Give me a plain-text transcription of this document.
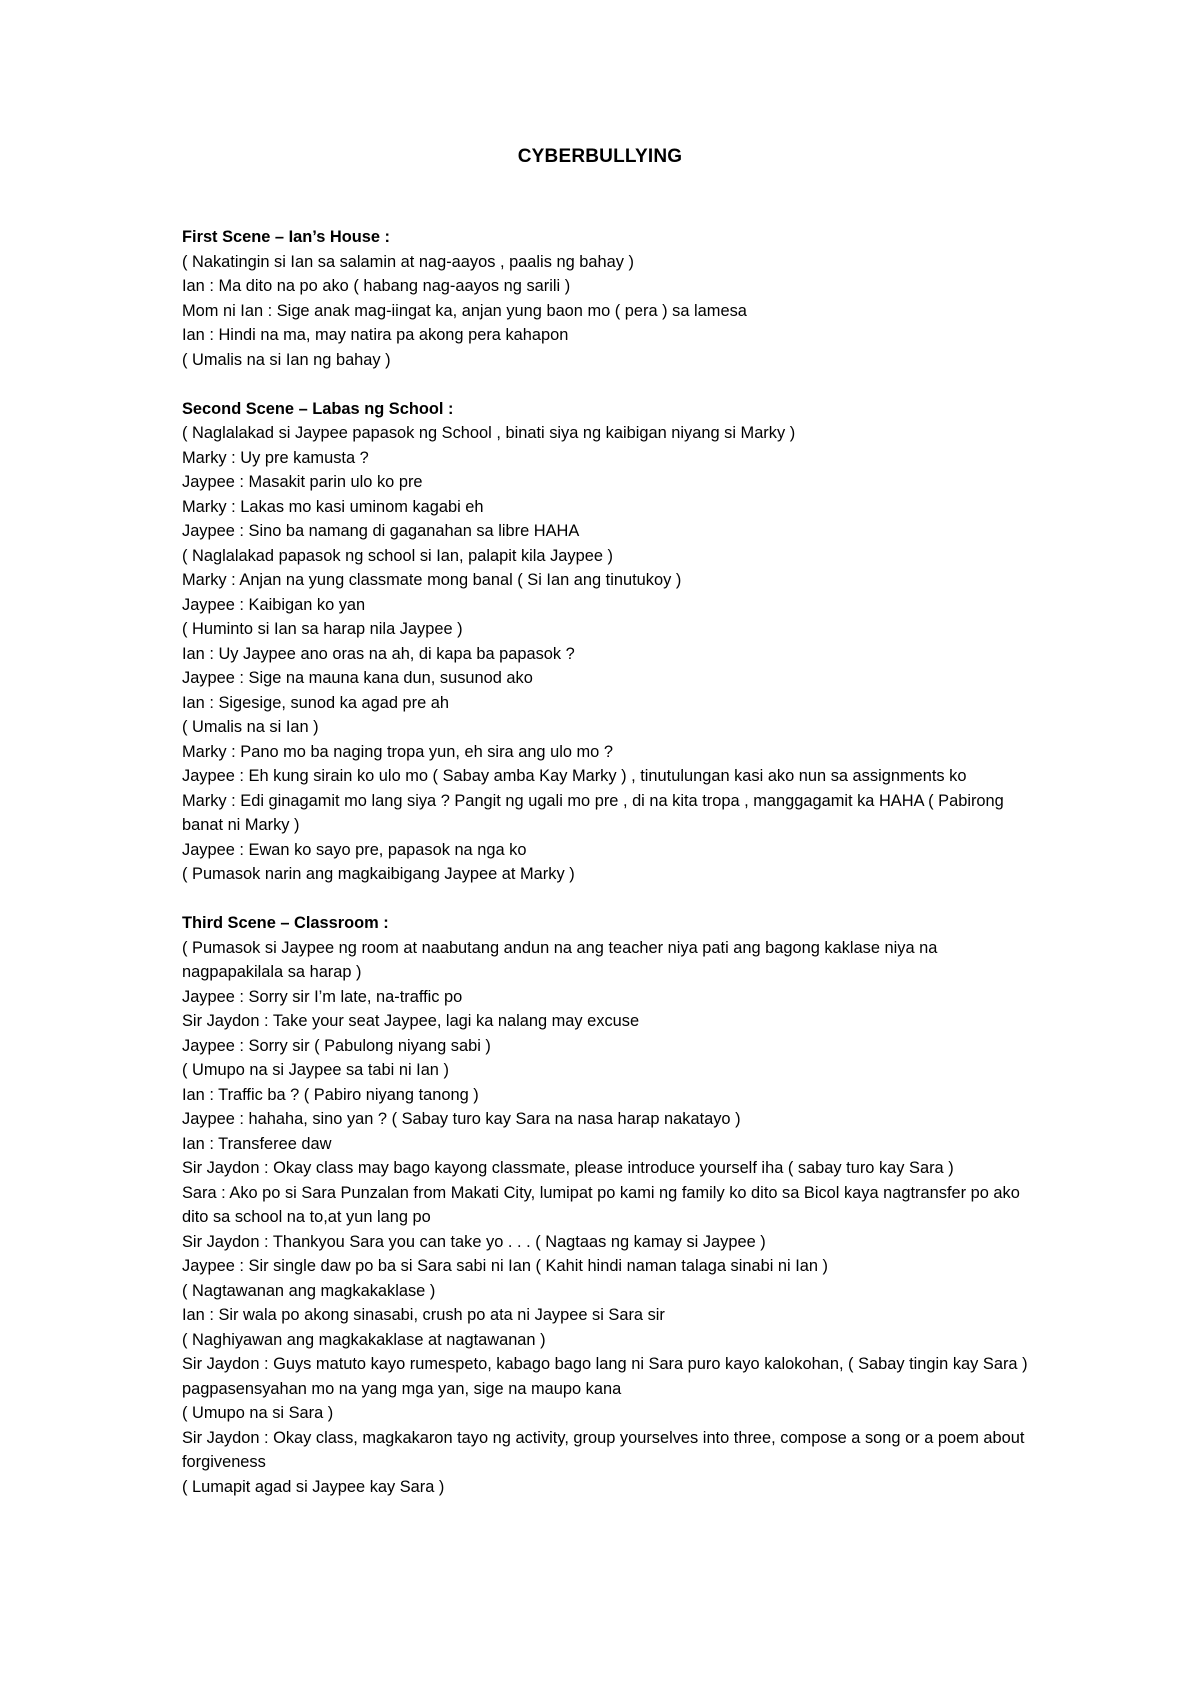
CYBERBULLYING
First Scene – Ian’s House :
( Nakatingin si Ian sa salamin at nag-aayos , paalis ng bahay )
Ian : Ma dito na po ako ( habang nag-aayos ng sarili )
Mom ni Ian : Sige anak mag-iingat ka, anjan yung baon mo ( pera ) sa lamesa
Ian : Hindi na ma, may natira pa akong pera kahapon
( Umalis na si Ian ng bahay )
Second Scene – Labas ng School :
( Naglalakad si Jaypee papasok ng School , binati siya ng kaibigan niyang si Marky )
Marky : Uy pre kamusta ?
Jaypee : Masakit parin ulo ko pre
Marky : Lakas mo kasi uminom kagabi eh
Jaypee : Sino ba namang di gaganahan sa libre HAHA
( Naglalakad papasok ng school si Ian, palapit kila Jaypee )
Marky : Anjan na yung classmate mong banal ( Si Ian ang tinutukoy )
Jaypee : Kaibigan ko yan
( Huminto si Ian sa harap nila Jaypee )
Ian : Uy Jaypee ano oras na ah, di kapa ba papasok ?
Jaypee : Sige na mauna kana dun, susunod ako
Ian : Sigesige, sunod ka agad pre ah
( Umalis na si Ian )
Marky : Pano mo ba naging tropa yun, eh sira ang ulo mo ?
Jaypee : Eh kung sirain ko ulo mo ( Sabay amba Kay Marky ) , tinutulungan kasi ako nun sa assignments ko
Marky : Edi ginagamit mo lang siya ? Pangit ng ugali mo pre , di na kita tropa , manggagamit ka HAHA ( Pabirong banat ni Marky )
Jaypee : Ewan ko sayo pre, papasok na nga ko
( Pumasok narin ang magkaibigang Jaypee at Marky )
Third Scene – Classroom :
( Pumasok si Jaypee ng room at naabutang andun na ang teacher niya pati ang bagong kaklase niya na nagpapakilala sa harap )
Jaypee : Sorry sir I’m late, na-traffic po
Sir Jaydon : Take your seat Jaypee, lagi ka nalang may excuse
Jaypee : Sorry sir ( Pabulong niyang sabi )
( Umupo na si Jaypee sa tabi ni Ian )
Ian : Traffic ba ? ( Pabiro niyang tanong )
Jaypee : hahaha, sino yan ? ( Sabay turo kay Sara na nasa harap nakatayo )
Ian : Transferee daw
Sir Jaydon : Okay class may bago kayong classmate, please introduce yourself iha ( sabay turo kay Sara )
Sara : Ako po si Sara Punzalan from Makati City, lumipat po kami ng family ko dito sa Bicol kaya nagtransfer po ako dito sa school na to,at yun lang po
Sir Jaydon : Thankyou Sara you can take yo . . . ( Nagtaas ng kamay si Jaypee )
Jaypee : Sir single daw po ba si Sara sabi ni Ian ( Kahit hindi naman talaga sinabi ni Ian )
( Nagtawanan ang magkakaklase )
Ian : Sir wala po akong sinasabi, crush po ata ni Jaypee si Sara sir
( Naghiyawan ang magkakaklase at nagtawanan )
Sir Jaydon : Guys matuto kayo rumespeto, kabago bago lang ni Sara puro kayo kalokohan, ( Sabay tingin kay Sara ) pagpasensyahan mo na yang mga yan, sige na maupo kana
( Umupo na si Sara )
Sir Jaydon : Okay class, magkakaron tayo ng activity, group yourselves into three, compose a song or a poem about forgiveness
( Lumapit agad si Jaypee kay Sara )
